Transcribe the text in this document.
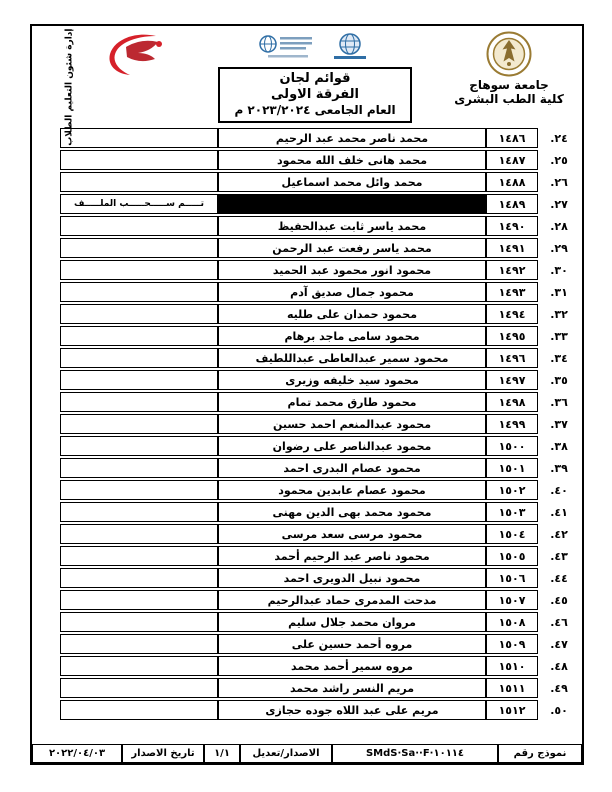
جامعة سوهاج
كلية الطب البشرى
قوائم لجان
الفرقة الاولى
العام الجامعى ٢٠٢٣/٢٠٢٤ م
إدارة شئون التعليم الطلاب	٢٤.	١٤٨٦	محمد ناصر محمد عبد الرحيم	
٢٥.	١٤٨٧	محمد هانى خلف الله محمود	
٢٦.	١٤٨٨	محمد وائل محمد اسماعيل	
٢٧.	١٤٨٩		تـــــم ســـــحـــــب الملـــــف
٢٨.	١٤٩٠	محمد ياسر ثابت عبدالحفيظ	
٢٩.	١٤٩١	محمد ياسر رفعت عبد الرحمن	
٣٠.	١٤٩٢	محمود انور محمود عبد الحميد	
٣١.	١٤٩٣	محمود جمال صديق آدم	
٣٢.	١٤٩٤	محمود حمدان على طليه	
٣٣.	١٤٩٥	محمود سامى ماجد برهام	
٣٤.	١٤٩٦	محمود سمير عبدالعاطى عبداللطيف	
٣٥.	١٤٩٧	محمود سيد خليفه وزيرى	
٣٦.	١٤٩٨	محمود طارق محمد تمام	
٣٧.	١٤٩٩	محمود عبدالمنعم احمد حسين	
٣٨.	١٥٠٠	محمود عبدالناصر على رضوان	
٣٩.	١٥٠١	محمود عصام البدرى احمد	
٤٠.	١٥٠٢	محمود عصام عابدين محمود	
٤١.	١٥٠٣	محمود محمد بهى الدين مهنى	
٤٢.	١٥٠٤	محمود مرسى سعد مرسى	
٤٣.	١٥٠٥	محمود ناصر عبد الرحيم أحمد	
٤٤.	١٥٠٦	محمود نبيل الدويرى احمد	
٤٥.	١٥٠٧	مدحت المدمرى حماد عبدالرحيم	
٤٦.	١٥٠٨	مروان محمد جلال سليم	
٤٧.	١٥٠٩	مروه أحمد حسين على	
٤٨.	١٥١٠	مروه سمير أحمد محمد	
٤٩.	١٥١١	مريم النسر راشد محمد	
٥٠.	١٥١٢	مريم على عبد اللاه جوده حجازى	
نموذج رقم
SMdS·Sa··F·١٠١١٤
الاصدار/تعديل
١/١
تاريخ الاصدار
٢٠٢٢/٠٤/٠٣
